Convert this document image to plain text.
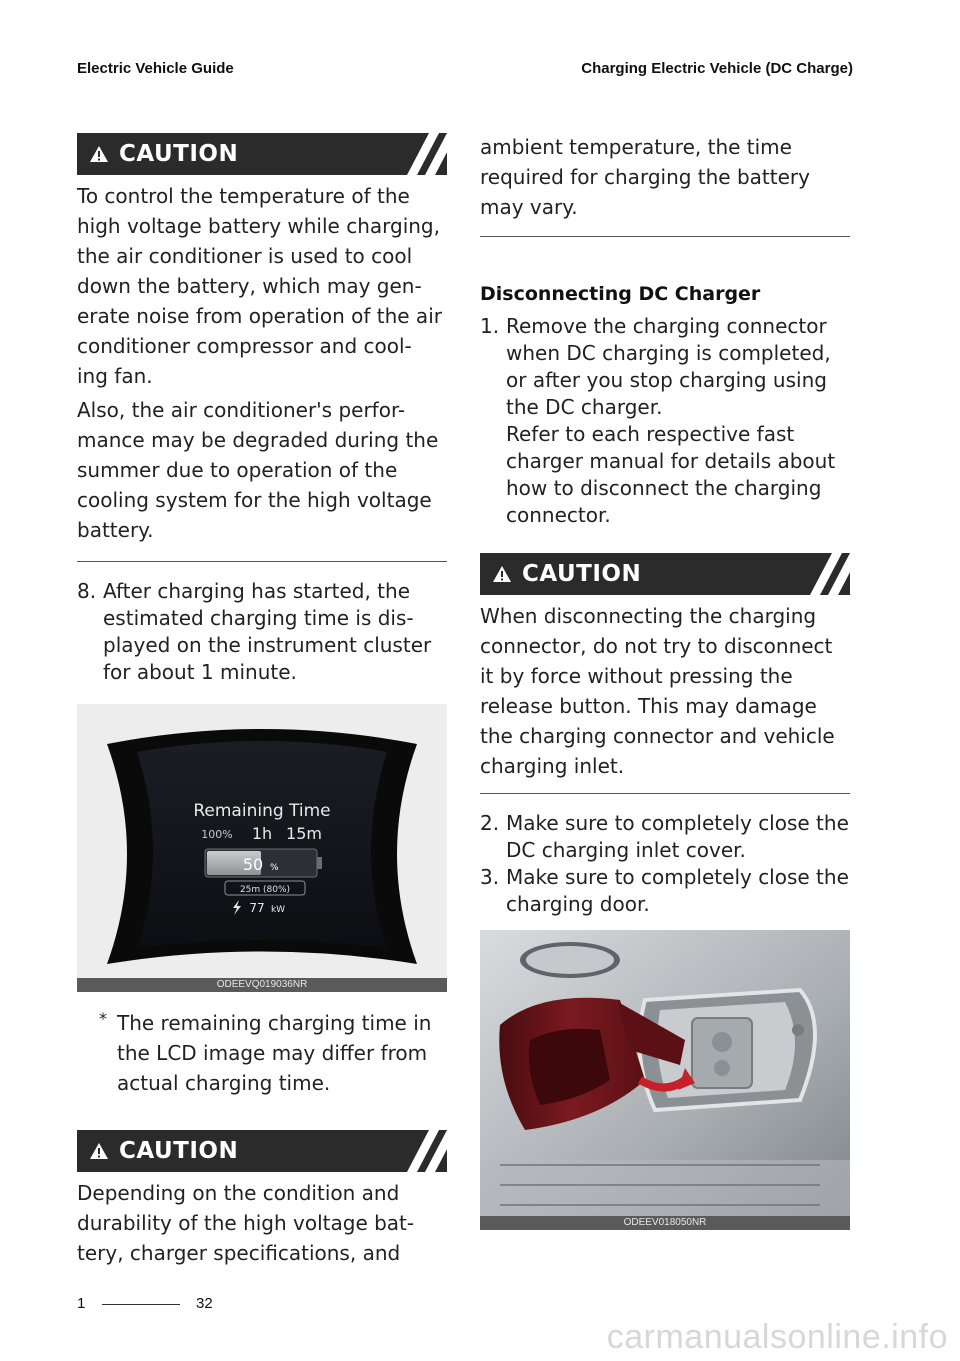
Electric Vehicle Guide	Charging Electric Vehicle (DC Charge)
CAUTION

To control the temperature of the high voltage battery while charging, the air conditioner is used to cool down the battery, which may gen- erate noise from operation of the air conditioner compressor and cool- ing fan.

Also, the air conditioner's perfor- mance may be degraded during the summer due to operation of the cooling system for the high voltage battery.

8. After charging has started, the estimated charging time is dis- played on the instrument cluster for about 1 minute.
Remaining Time
100% 1h 15m
50 %
25m (80%)
77 kW
ODEEVQ019036NR
* The remaining charging time in the LCD image may differ from actual charging time.
CAUTION

Depending on the condition and durability of the high voltage bat- tery, charger specifications, and

ambient temperature, the time required for charging the battery may vary.

Disconnecting DC Charger
1. Remove the charging connector when DC charging is completed, or after you stop charging using the DC charger.
Refer to each respective fast charger manual for details about how to disconnect the charging connector.
CAUTION

When disconnecting the charging connector, do not try to disconnect it by force without pressing the release button. This may damage the charging connector and vehicle charging inlet.

2. Make sure to completely close the DC charging inlet cover.
3. Make sure to completely close the charging door.
ODEEV018050NR
1	32
carmanualsonline.info
